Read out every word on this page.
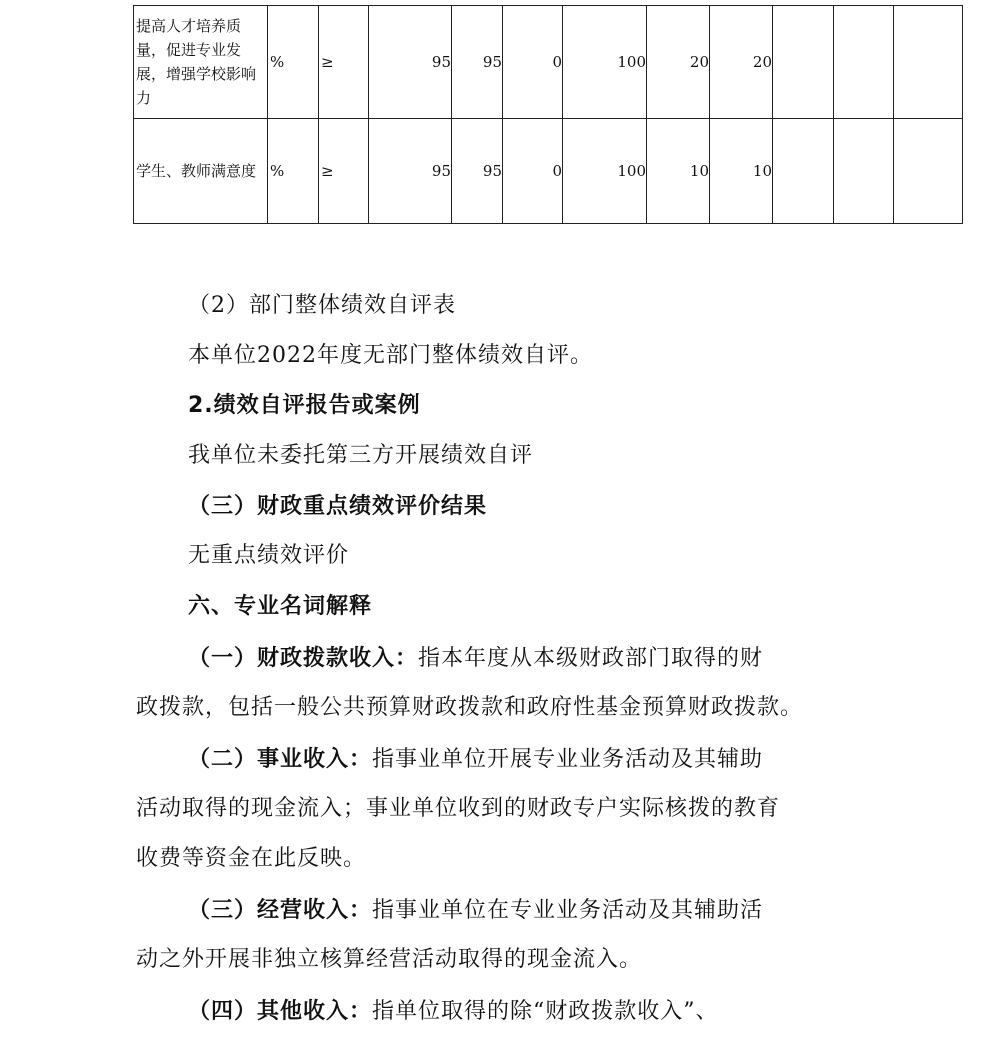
提高人才培养质量，促进专业发展，增强学校影响力	%	≥	95	95	0	100	20	20			
学生、教师满意度	%	≥	95	95	0	100	10	10			

（2）部门整体绩效自评表

本单位2022年度无部门整体绩效自评。

2.绩效自评报告或案例

我单位未委托第三方开展绩效自评

（三）财政重点绩效评价结果

无重点绩效评价

六、专业名词解释

（一）财政拨款收入：指本年度从本级财政部门取得的财

政拨款，包括一般公共预算财政拨款和政府性基金预算财政拨款。

（二）事业收入：指事业单位开展专业业务活动及其辅助

活动取得的现金流入；事业单位收到的财政专户实际核拨的教育

收费等资金在此反映。

（三）经营收入：指事业单位在专业业务活动及其辅助活

动之外开展非独立核算经营活动取得的现金流入。

（四）其他收入：指单位取得的除“财政拨款收入”、
